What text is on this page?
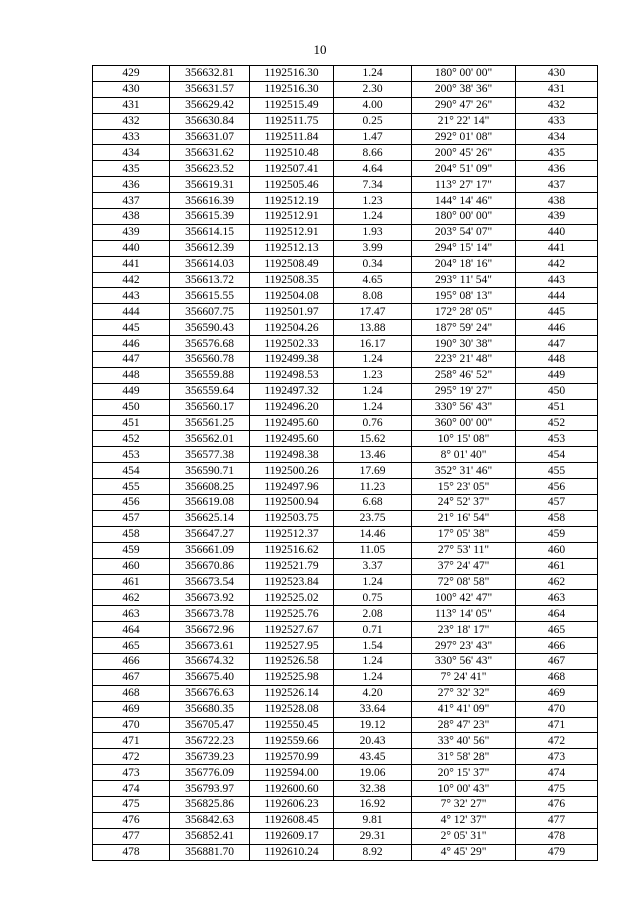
10
429	356632.81	1192516.30	1.24	180° 00' 00"	430
430	356631.57	1192516.30	2.30	200° 38' 36"	431
431	356629.42	1192515.49	4.00	290° 47' 26"	432
432	356630.84	1192511.75	0.25	21° 22' 14"	433
433	356631.07	1192511.84	1.47	292° 01' 08"	434
434	356631.62	1192510.48	8.66	200° 45' 26"	435
435	356623.52	1192507.41	4.64	204° 51' 09"	436
436	356619.31	1192505.46	7.34	113° 27' 17"	437
437	356616.39	1192512.19	1.23	144° 14' 46"	438
438	356615.39	1192512.91	1.24	180° 00' 00"	439
439	356614.15	1192512.91	1.93	203° 54' 07"	440
440	356612.39	1192512.13	3.99	294° 15' 14"	441
441	356614.03	1192508.49	0.34	204° 18' 16"	442
442	356613.72	1192508.35	4.65	293° 11' 54"	443
443	356615.55	1192504.08	8.08	195° 08' 13"	444
444	356607.75	1192501.97	17.47	172° 28' 05"	445
445	356590.43	1192504.26	13.88	187° 59' 24"	446
446	356576.68	1192502.33	16.17	190° 30' 38"	447
447	356560.78	1192499.38	1.24	223° 21' 48"	448
448	356559.88	1192498.53	1.23	258° 46' 52"	449
449	356559.64	1192497.32	1.24	295° 19' 27"	450
450	356560.17	1192496.20	1.24	330° 56' 43"	451
451	356561.25	1192495.60	0.76	360° 00' 00"	452
452	356562.01	1192495.60	15.62	10° 15' 08"	453
453	356577.38	1192498.38	13.46	8° 01' 40"	454
454	356590.71	1192500.26	17.69	352° 31' 46"	455
455	356608.25	1192497.96	11.23	15° 23' 05"	456
456	356619.08	1192500.94	6.68	24° 52' 37"	457
457	356625.14	1192503.75	23.75	21° 16' 54"	458
458	356647.27	1192512.37	14.46	17° 05' 38"	459
459	356661.09	1192516.62	11.05	27° 53' 11"	460
460	356670.86	1192521.79	3.37	37° 24' 47"	461
461	356673.54	1192523.84	1.24	72° 08' 58"	462
462	356673.92	1192525.02	0.75	100° 42' 47"	463
463	356673.78	1192525.76	2.08	113° 14' 05"	464
464	356672.96	1192527.67	0.71	23° 18' 17"	465
465	356673.61	1192527.95	1.54	297° 23' 43"	466
466	356674.32	1192526.58	1.24	330° 56' 43"	467
467	356675.40	1192525.98	1.24	7° 24' 41"	468
468	356676.63	1192526.14	4.20	27° 32' 32"	469
469	356680.35	1192528.08	33.64	41° 41' 09"	470
470	356705.47	1192550.45	19.12	28° 47' 23"	471
471	356722.23	1192559.66	20.43	33° 40' 56"	472
472	356739.23	1192570.99	43.45	31° 58' 28"	473
473	356776.09	1192594.00	19.06	20° 15' 37"	474
474	356793.97	1192600.60	32.38	10° 00' 43"	475
475	356825.86	1192606.23	16.92	7° 32' 27"	476
476	356842.63	1192608.45	9.81	4° 12' 37"	477
477	356852.41	1192609.17	29.31	2° 05' 31"	478
478	356881.70	1192610.24	8.92	4° 45' 29"	479
